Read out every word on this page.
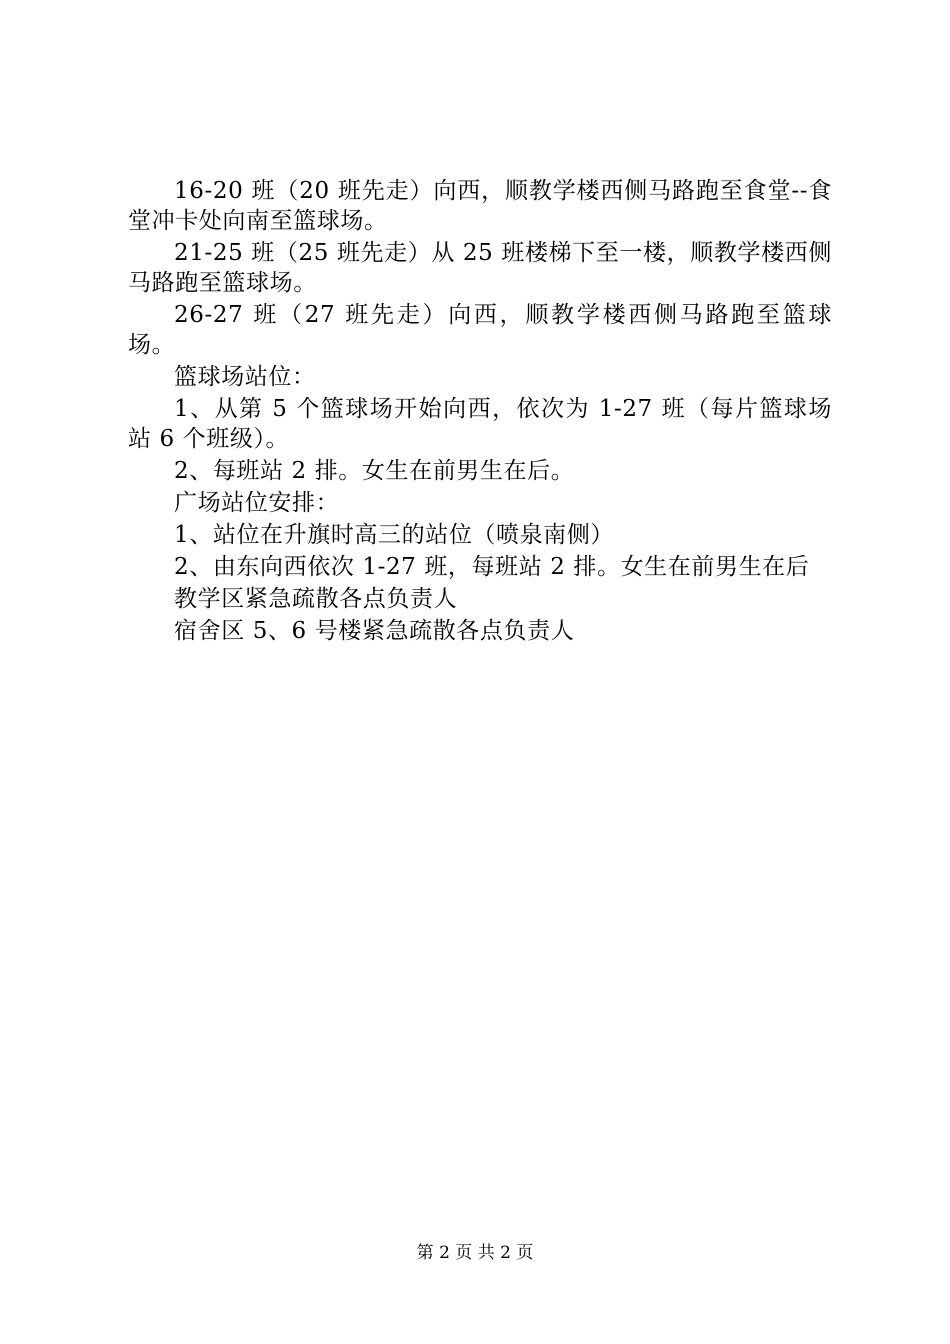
16-20 班（20 班先走）向西，顺教学楼西侧马路跑至食堂--食堂冲卡处向南至篮球场。

21-25 班（25 班先走）从 25 班楼梯下至一楼，顺教学楼西侧马路跑至篮球场。

26-27 班（27 班先走）向西，顺教学楼西侧马路跑至篮球场。

篮球场站位：

1、从第 5 个篮球场开始向西，依次为 1-27 班（每片篮球场站 6 个班级）。

2、每班站 2 排。女生在前男生在后。

广场站位安排：

1、站位在升旗时高三的站位（喷泉南侧）

2、由东向西依次 1-27 班，每班站 2 排。女生在前男生在后

教学区紧急疏散各点负责人

宿舍区 5、6 号楼紧急疏散各点负责人

第 2 页 共 2 页
